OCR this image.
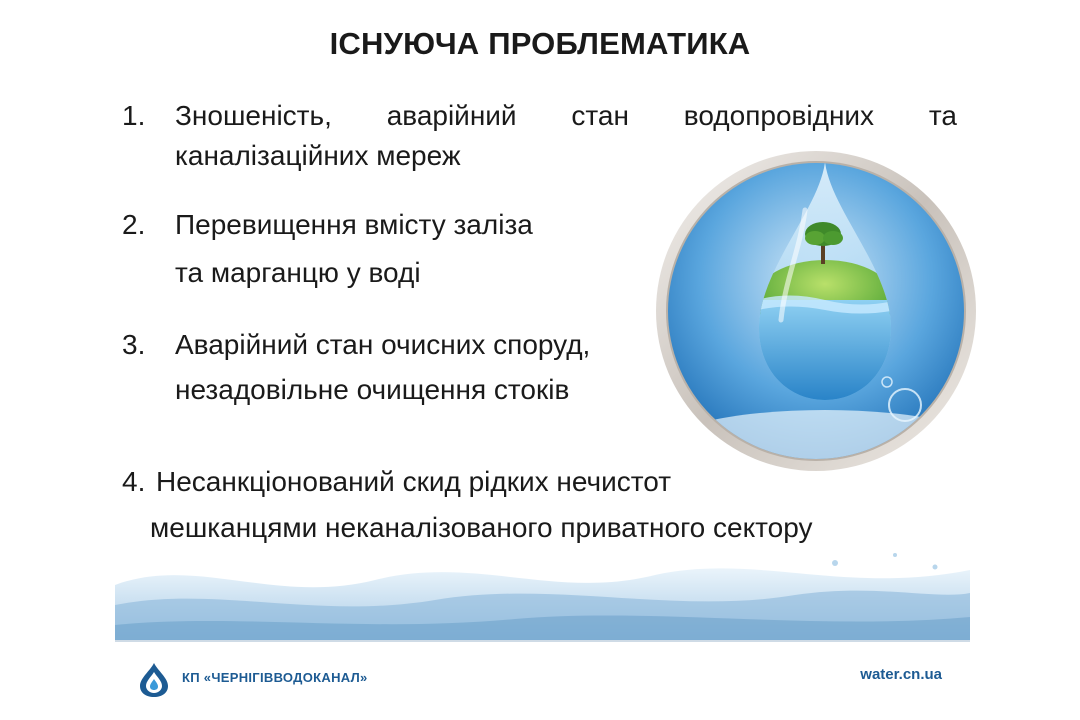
ІСНУЮЧА ПРОБЛЕМАТИКА
1. Зношеність, аварійний стан водопровідних та
каналізаційних мереж
2. Перевищення вмісту заліза
та марганцю у воді
3. Аварійний стан очисних споруд,
незадовільне очищення стоків
4. Несанкціонований скид рідких нечистот
мешканцями неканалізованого приватного сектору
КП «ЧЕРНІГІВВОДОКАНАЛ»	water.cn.ua
